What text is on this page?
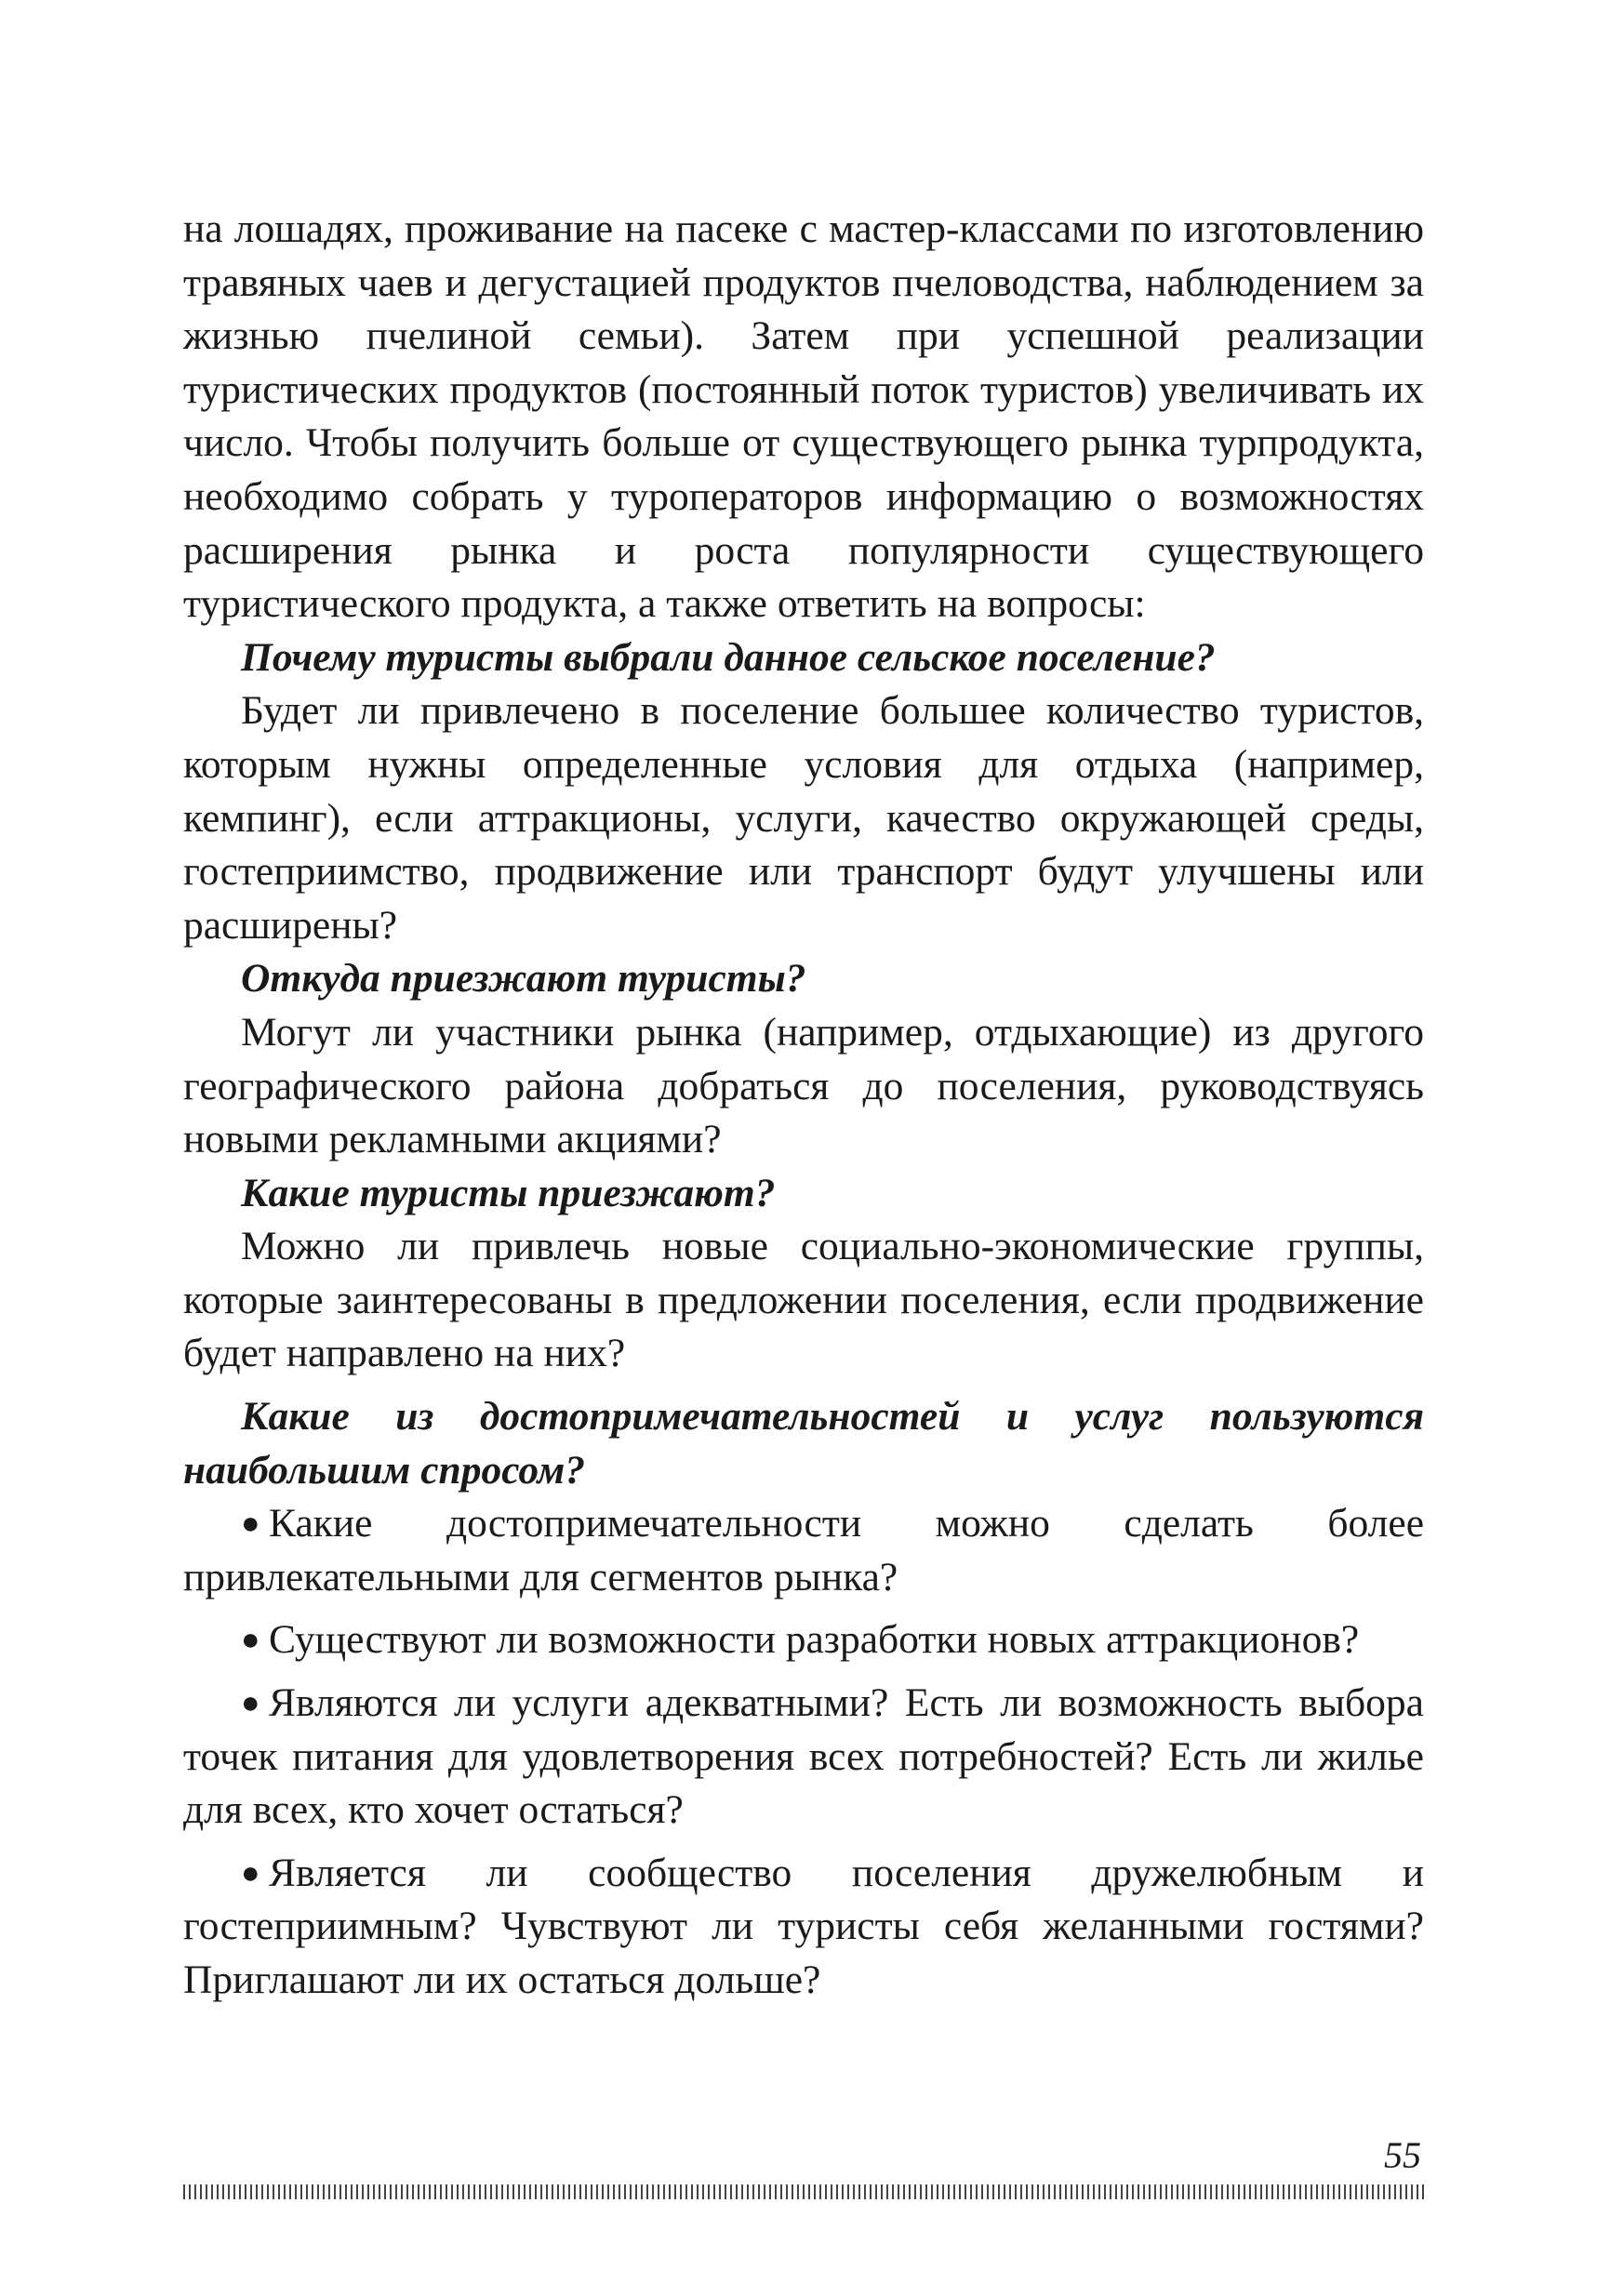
на лошадях, проживание на пасеке с мастер-классами по изготовлению травяных чаев и дегустацией продуктов пчеловодства, наблюдением за жизнью пчелиной семьи). Затем при успешной реализации туристических продуктов (постоянный поток туристов) увеличивать их число. Чтобы получить больше от существующего рынка турпродукта, необходимо собрать у туроператоров информацию о возможностях расширения рынка и роста популярности существующего туристического продукта, а также ответить на вопросы:

Почему туристы выбрали данное сельское поселение?

Будет ли привлечено в поселение большее количество туристов, которым нужны определенные условия для отдыха (например, кемпинг), если аттракционы, услуги, качество окружающей среды, гостеприимство, продвижение или транспорт будут улучшены или расширены?

Откуда приезжают туристы?

Могут ли участники рынка (например, отдыхающие) из другого географического района добраться до поселения, руководствуясь новыми рекламными акциями?

Какие туристы приезжают?

Можно ли привлечь новые социально-экономические группы, которые заинтересованы в предложении поселения, если продвижение будет направлено на них?

Какие из достопримечательностей и услуг пользуются наибольшим спросом?

● Какие достопримечательности можно сделать более привлекательными для сегментов рынка?

● Существуют ли возможности разработки новых аттракционов?

● Являются ли услуги адекватными? Есть ли возможность выбора точек питания для удовлетворения всех потребностей? Есть ли жилье для всех, кто хочет остаться?

● Является ли сообщество поселения дружелюбным и гостеприимным? Чувствуют ли туристы себя желанными гостями? Приглашают ли их остаться дольше?

55
